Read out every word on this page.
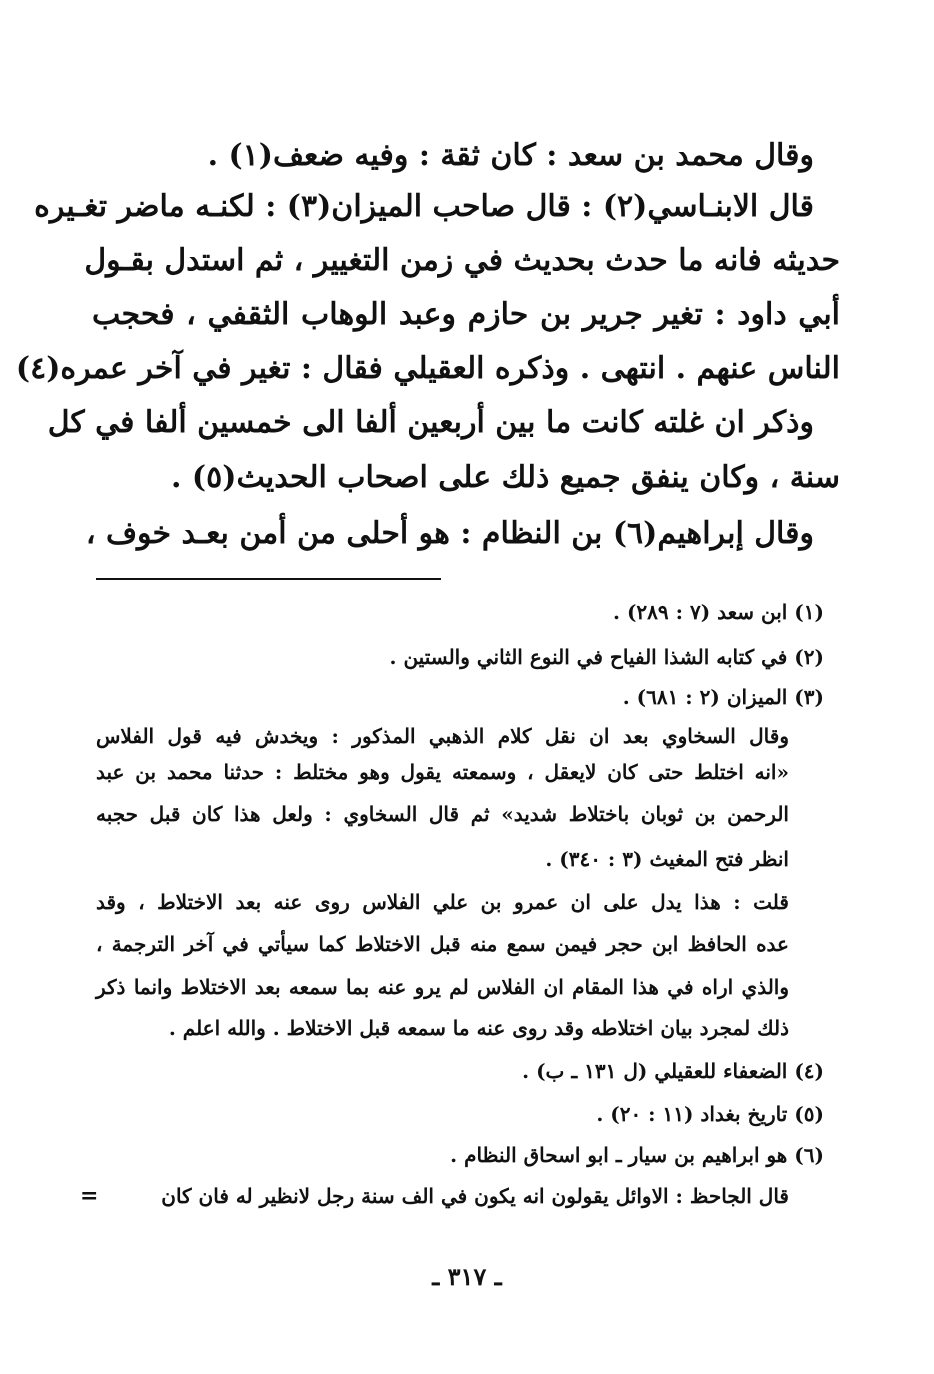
وقال محمد بن سعد : كان ثقة : وفيه ضعف(١) .
قال الابنـاسي(٢) : قال صاحب الميزان(٣) : لكنـه ماضر تغـيره
حديثه فانه ما حدث بحديث في زمن التغيير ، ثم استدل بقـول
أبي داود : تغير جرير بن حازم وعبد الوهاب الثقفي ، فحجب
الناس عنهم . انتهى . وذكره العقيلي فقال : تغير في آخر عمره(٤)
وذكر ان غلته كانت ما بين أربعين ألفا الى خمسين ألفا في كل
سنة ، وكان ينفق جميع ذلك على اصحاب الحديث(٥) .
وقال إبراهيم(٦) بن النظام : هو أحلى من أمن بعـد خوف ،
(١) ابن سعد (٧ : ٢٨٩) .
(٢) في كتابه الشذا الفياح في النوع الثاني والستين .
(٣) الميزان (٢ : ٦٨١) .
وقال السخاوي بعد ان نقل كلام الذهبي المذكور : ويخدش فيه قول الفلاس
«انه اختلط حتى كان لايعقل ، وسمعته يقول وهو مختلط : حدثنا محمد بن عبد
الرحمن بن ثوبان باختلاط شديد» ثم قال السخاوي : ولعل هذا كان قبل حجبه
انظر فتح المغيث (٣ : ٣٤٠) .
قلت : هذا يدل على ان عمرو بن علي الفلاس روى عنه بعد الاختلاط ، وقد
عده الحافظ ابن حجر فيمن سمع منه قبل الاختلاط كما سيأتي في آخر الترجمة ،
والذي اراه في هذا المقام ان الفلاس لم يرو عنه بما سمعه بعد الاختلاط وانما ذكر
ذلك لمجرد بيان اختلاطه وقد روى عنه ما سمعه قبل الاختلاط . والله اعلم .
(٤) الضعفاء للعقيلي (ل ١٣١ ـ ب) .
(٥) تاريخ بغداد (١١ : ٢٠) .
(٦) هو ابراهيم بن سيار ـ ابو اسحاق النظام .
قال الجاحظ : الاوائل يقولون انه يكون في الف سنة رجل لانظير له فان كان
=
ـ ٣١٧ ـ
